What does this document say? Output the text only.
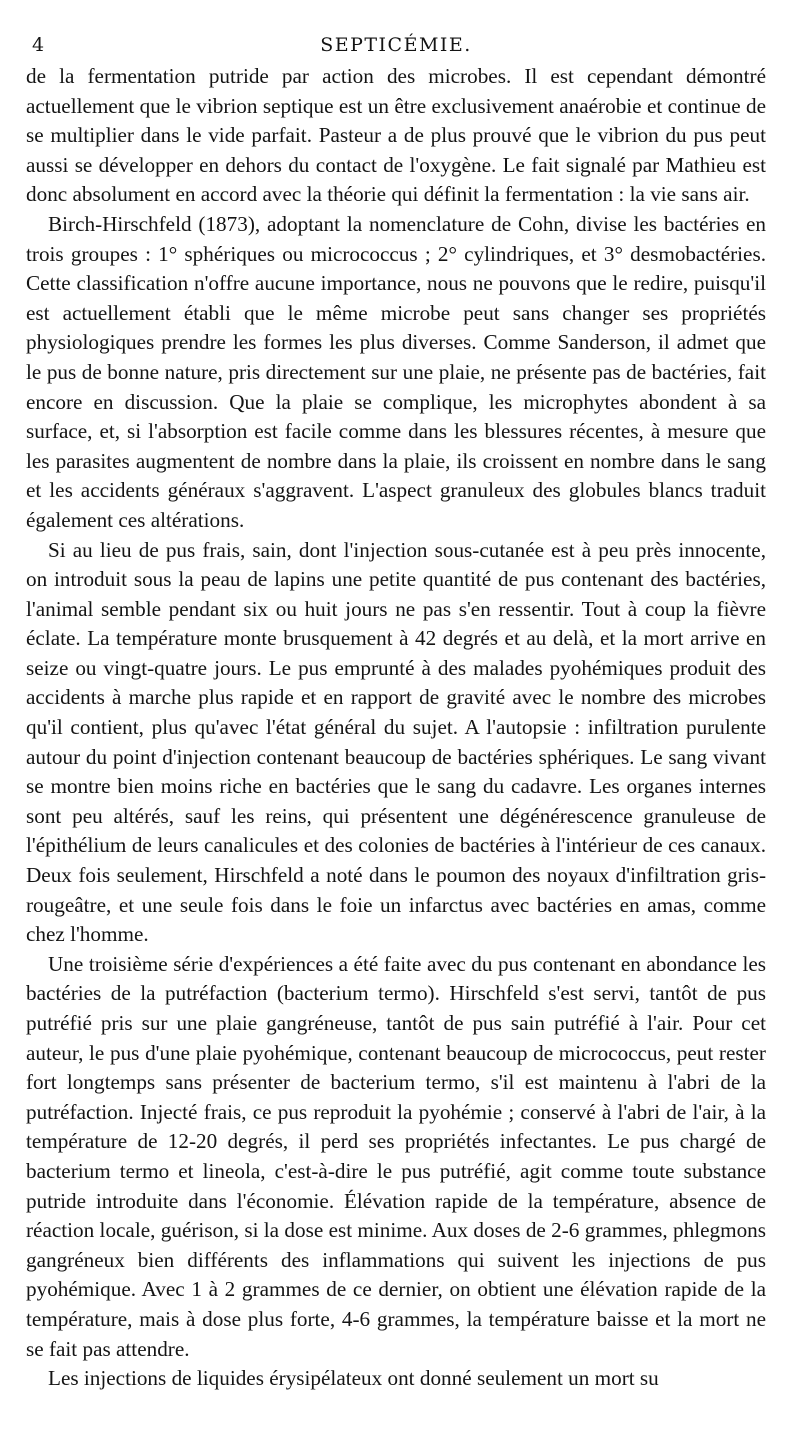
4	SEPTICÉMIE.

de la fermentation putride par action des microbes. Il est cependant démontré actuellement que le vibrion septique est un être exclusivement anaérobie et continue de se multiplier dans le vide parfait. Pasteur a de plus prouvé que le vibrion du pus peut aussi se développer en dehors du contact de l'oxygène. Le fait signalé par Mathieu est donc absolument en accord avec la théorie qui définit la fermentation : la vie sans air.

Birch-Hirschfeld (1873), adoptant la nomenclature de Cohn, divise les bactéries en trois groupes : 1° sphériques ou micrococcus ; 2° cylindriques, et 3° desmobactéries. Cette classification n'offre aucune importance, nous ne pouvons que le redire, puisqu'il est actuellement établi que le même microbe peut sans changer ses propriétés physiologiques prendre les formes les plus diverses. Comme Sanderson, il admet que le pus de bonne nature, pris directement sur une plaie, ne présente pas de bactéries, fait encore en discussion. Que la plaie se complique, les microphytes abondent à sa surface, et, si l'absorption est facile comme dans les blessures récentes, à mesure que les parasites augmentent de nombre dans la plaie, ils croissent en nombre dans le sang et les accidents généraux s'aggravent. L'aspect granuleux des globules blancs traduit également ces altérations.

Si au lieu de pus frais, sain, dont l'injection sous-cutanée est à peu près innocente, on introduit sous la peau de lapins une petite quantité de pus contenant des bactéries, l'animal semble pendant six ou huit jours ne pas s'en ressentir. Tout à coup la fièvre éclate. La température monte brusquement à 42 degrés et au delà, et la mort arrive en seize ou vingt-quatre jours. Le pus emprunté à des malades pyohémiques produit des accidents à marche plus rapide et en rapport de gravité avec le nombre des microbes qu'il contient, plus qu'avec l'état général du sujet. A l'autopsie : infiltration purulente autour du point d'injection contenant beaucoup de bactéries sphériques. Le sang vivant se montre bien moins riche en bactéries que le sang du cadavre. Les organes internes sont peu altérés, sauf les reins, qui présentent une dégénérescence granuleuse de l'épithélium de leurs canalicules et des colonies de bactéries à l'intérieur de ces canaux. Deux fois seulement, Hirschfeld a noté dans le poumon des noyaux d'infiltration gris-rougeâtre, et une seule fois dans le foie un infarctus avec bactéries en amas, comme chez l'homme.

Une troisième série d'expériences a été faite avec du pus contenant en abondance les bactéries de la putréfaction (bacterium termo). Hirschfeld s'est servi, tantôt de pus putréfié pris sur une plaie gangréneuse, tantôt de pus sain putréfié à l'air. Pour cet auteur, le pus d'une plaie pyohémique, contenant beaucoup de micrococcus, peut rester fort longtemps sans présenter de bacterium termo, s'il est maintenu à l'abri de la putréfaction. Injecté frais, ce pus reproduit la pyohémie ; conservé à l'abri de l'air, à la température de 12-20 degrés, il perd ses propriétés infectantes. Le pus chargé de bacterium termo et lineola, c'est-à-dire le pus putréfié, agit comme toute substance putride introduite dans l'économie. Élévation rapide de la température, absence de réaction locale, guérison, si la dose est minime. Aux doses de 2-6 grammes, phlegmons gangréneux bien différents des inflammations qui suivent les injections de pus pyohémique. Avec 1 à 2 grammes de ce dernier, on obtient une élévation rapide de la température, mais à dose plus forte, 4-6 grammes, la température baisse et la mort ne se fait pas attendre.

Les injections de liquides érysipélateux ont donné seulement un mort su
